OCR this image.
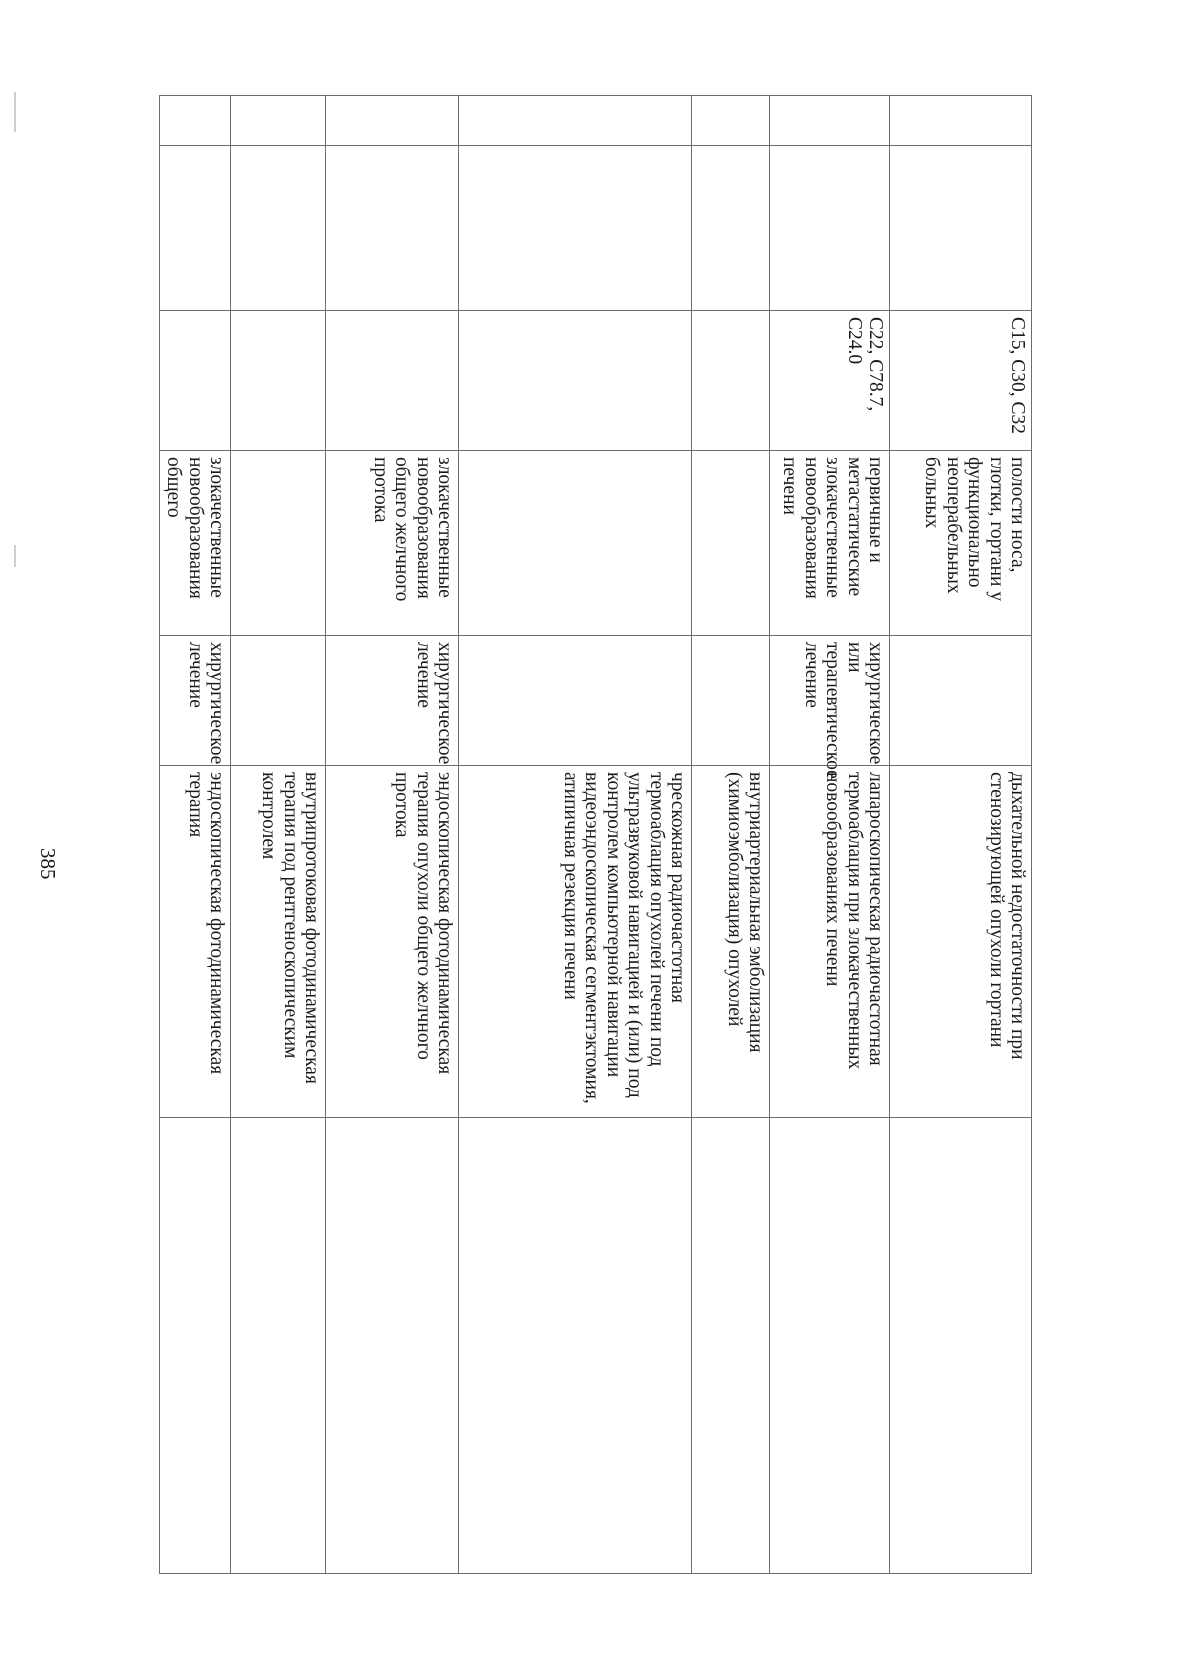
385
		C15, C30, C32	полости носа, глотки, гортани у функционально неоперабельных больных		дыхательной недостаточности при стенозирующей опухоли гортани	
		C22, C78.7, C24.0	первичные и метастатические злокачественные новообразования печени	хирургическое или терапевтическое лечение	лапароскопическая радиочастотная термоаблация при злокачественных новообразованиях печени	
					внутриартериальная эмболизация (химиоэмболизация) опухолей	
					чрескожная радиочастотная термоаблация опухолей печени под ультразвуковой навигацией и (или) под контролем компьютерной навигации видеоэндоскопическая сегментэктомия, атипичная резекция печени	
			злокачественные новообразования общего желчного протока	хирургическое лечение	эндоскопическая фотодинамическая терапия опухоли общего желчного протока	
					внутрипротоковая фотодинамическая терапия под рентгеноскопическим контролем	
			злокачественные новообразования общего	хирургическое лечение	эндоскопическая фотодинамическая терапия	
